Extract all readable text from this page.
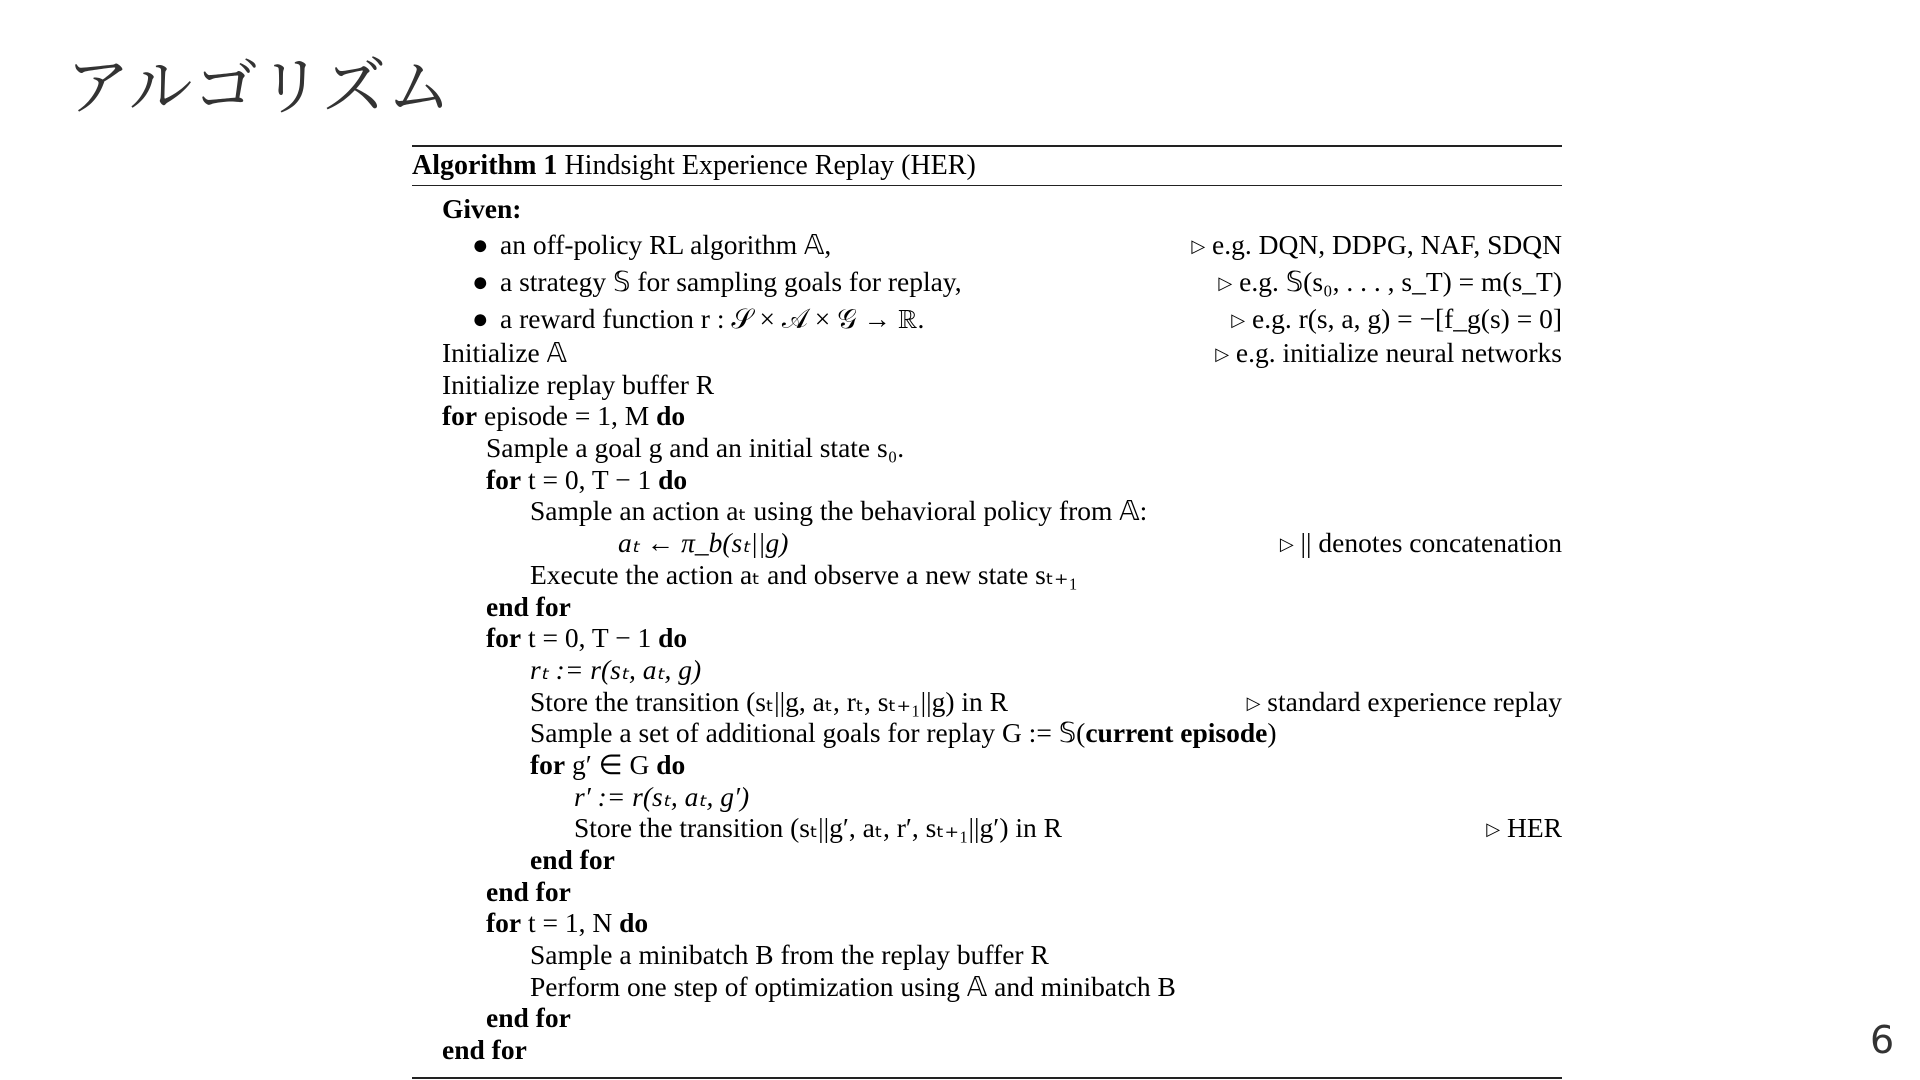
アルゴリズム
Algorithm 1 Hindsight Experience Replay (HER)
Given:
● an off-policy RL algorithm 𝔸,	▷ e.g. DQN, DDPG, NAF, SDQN
● a strategy 𝕊 for sampling goals for replay,	▷ e.g. 𝕊(s₀, . . . , s_T) = m(s_T)
● a reward function r : 𝒮 × 𝒜 × 𝒢 → ℝ.	▷ e.g. r(s, a, g) = −[f_g(s) = 0]
Initialize 𝔸	▷ e.g. initialize neural networks
Initialize replay buffer R
for episode = 1, M do
Sample a goal g and an initial state s₀.
for t = 0, T − 1 do
Sample an action aₜ using the behavioral policy from 𝔸:
aₜ ← π_b(sₜ||g)	▷ || denotes concatenation
Execute the action aₜ and observe a new state sₜ₊₁
end for
for t = 0, T − 1 do
rₜ := r(sₜ, aₜ, g)
Store the transition (sₜ||g, aₜ, rₜ, sₜ₊₁||g) in R	▷ standard experience replay
Sample a set of additional goals for replay G := 𝕊(current episode)
for g′ ∈ G do
r′ := r(sₜ, aₜ, g′)
Store the transition (sₜ||g′, aₜ, r′, sₜ₊₁||g′) in R	▷ HER
end for
end for
for t = 1, N do
Sample a minibatch B from the replay buffer R
Perform one step of optimization using 𝔸 and minibatch B
end for
end for	6
